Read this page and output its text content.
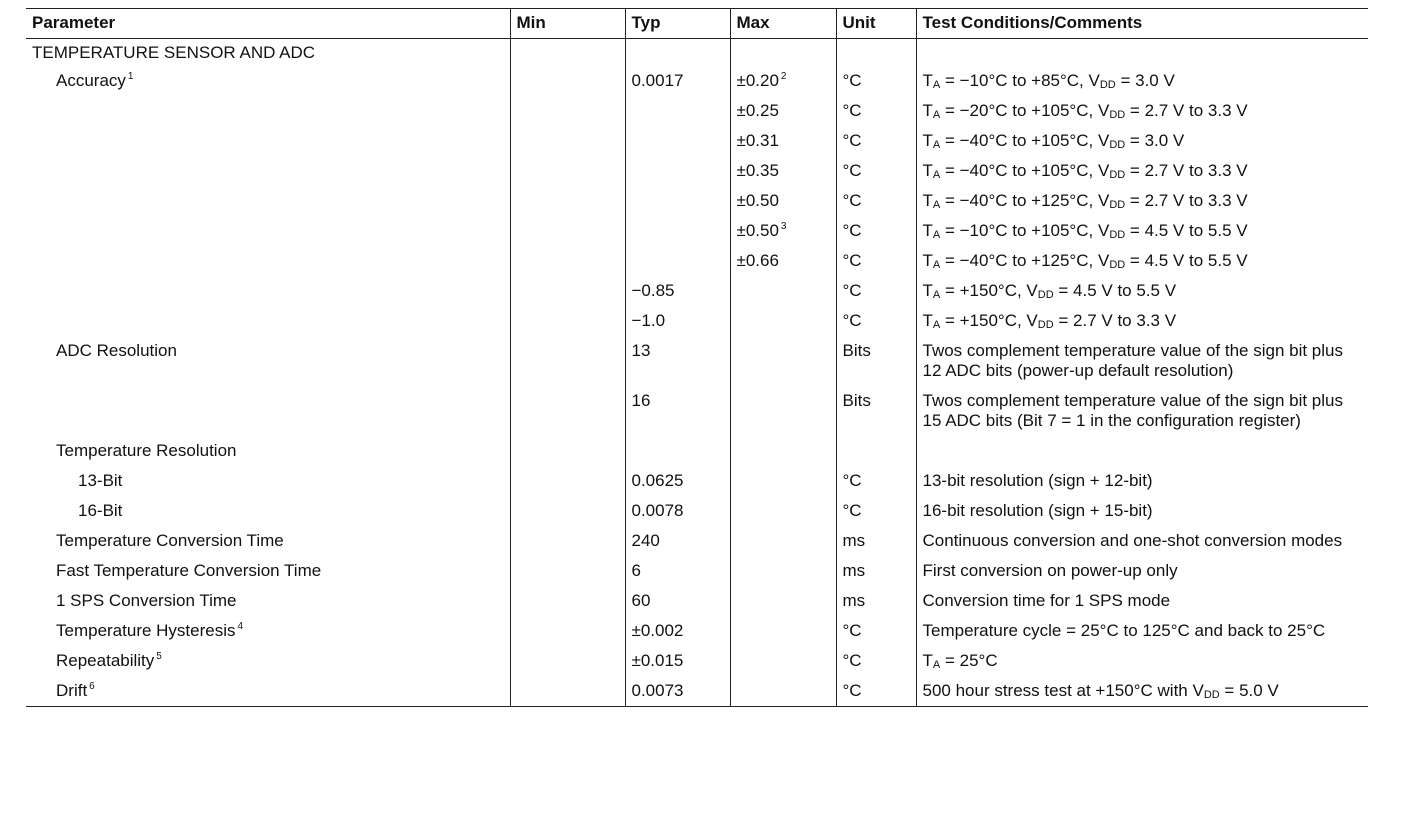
Parameter	Min	Typ	Max	Unit	Test Conditions/Comments
TEMPERATURE SENSOR AND ADC					
Accuracy $^1$		0.0017	±0.20 $^2$	°C	$T_A = -10^\circ C$ to +85°C, $V_{DD} = 3.0$ V
			±0.25	°C	$T_A = -20^\circ C$ to +105°C, $V_{DD} = 2.7$ V to 3.3 V
			±0.31	°C	$T_A = -40^\circ C$ to +105°C, $V_{DD} = 3.0$ V
			±0.35	°C	$T_A = -40^\circ C$ to +105°C, $V_{DD} = 2.7$ V to 3.3 V
			±0.50	°C	$T_A = -40^\circ C$ to +125°C, $V_{DD} = 2.7$ V to 3.3 V
			±0.50 $^3$	°C	$T_A = -10^\circ C$ to +105°C, $V_{DD} = 4.5$ V to 5.5 V
			±0.66	°C	$T_A = -40^\circ C$ to +125°C, $V_{DD} = 4.5$ V to 5.5 V
		−0.85		°C	$T_A = +150^\circ C$, $V_{DD} = 4.5$ V to 5.5 V
		−1.0		°C	$T_A = +150^\circ C$, $V_{DD} = 2.7$ V to 3.3 V
ADC Resolution		13		Bits	Twos complement temperature value of the sign bit plus 12 ADC bits (power-up default resolution)
		16		Bits	Twos complement temperature value of the sign bit plus 15 ADC bits (Bit 7 = 1 in the configuration register)
Temperature Resolution					
13-Bit		0.0625		°C	13-bit resolution (sign + 12-bit)
16-Bit		0.0078		°C	16-bit resolution (sign + 15-bit)
Temperature Conversion Time		240		ms	Continuous conversion and one-shot conversion modes
Fast Temperature Conversion Time		6		ms	First conversion on power-up only
1 SPS Conversion Time		60		ms	Conversion time for 1 SPS mode
Temperature Hysteresis $^4$		±0.002		°C	Temperature cycle = 25°C to 125°C and back to 25°C
Repeatability $^5$		±0.015		°C	$T_A = 25^\circ C$
Drift $^6$		0.0073		°C	500 hour stress test at +150°C with $V_{DD} = 5.0$ V
